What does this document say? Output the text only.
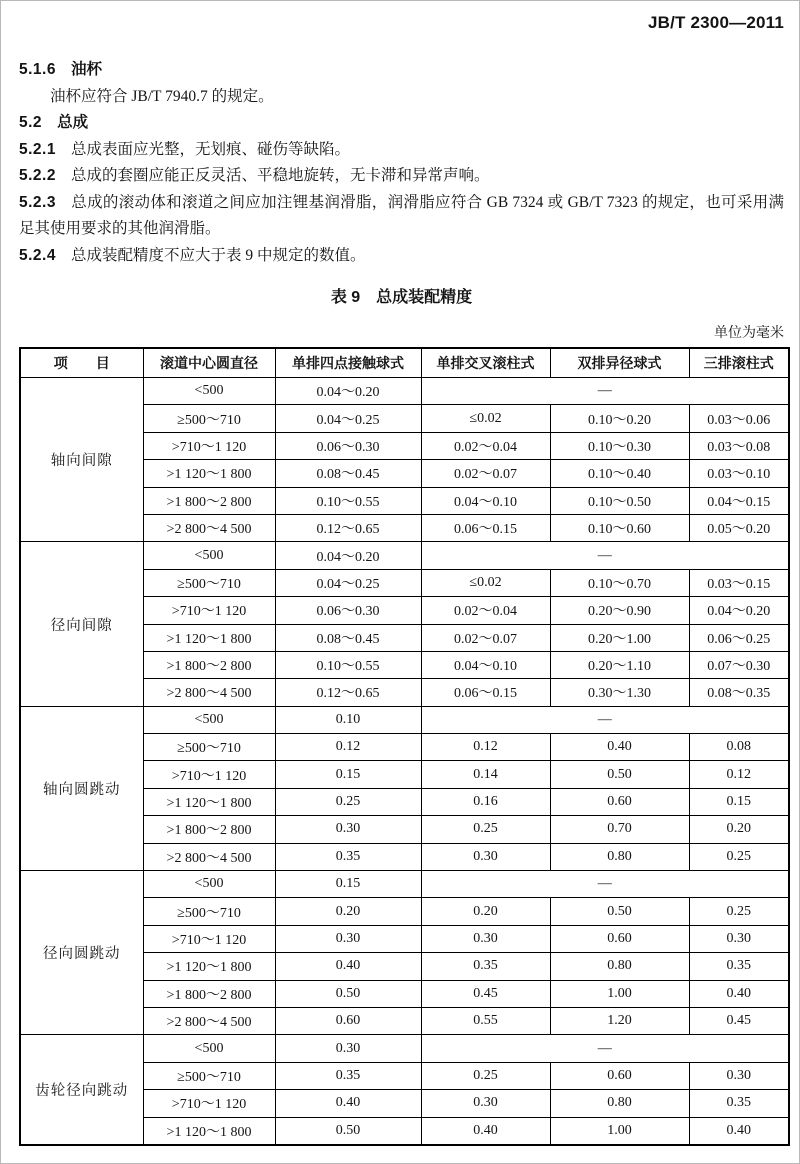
JB/T 2300—2011

5.1.6 油杯

油杯应符合 JB/T 7940.7 的规定。

5.2 总成

5.2.1 总成表面应光整，无划痕、碰伤等缺陷。

5.2.2 总成的套圈应能正反灵活、平稳地旋转，无卡滞和异常声响。

5.2.3 总成的滚动体和滚道之间应加注锂基润滑脂，润滑脂应符合 GB 7324 或 GB/T 7323 的规定，也可采用满足其使用要求的其他润滑脂。

5.2.4 总成装配精度不应大于表 9 中规定的数值。

表 9　总成装配精度
单位为毫米
项　　目	滚道中心圆直径	单排四点接触球式	单排交叉滚柱式	双排异径球式	三排滚柱式
轴向间隙	<500	0.04～0.20	—		
	≥500～710	0.04～0.25	≤0.02	0.10～0.20	0.03～0.06
	>710～1 120	0.06～0.30	0.02～0.04	0.10～0.30	0.03～0.08
	>1 120～1 800	0.08～0.45	0.02～0.07	0.10～0.40	0.03～0.10
	>1 800～2 800	0.10～0.55	0.04～0.10	0.10～0.50	0.04～0.15
	>2 800～4 500	0.12～0.65	0.06～0.15	0.10～0.60	0.05～0.20
径向间隙	<500	0.04～0.20	—		
	≥500～710	0.04～0.25	≤0.02	0.10～0.70	0.03～0.15
	>710～1 120	0.06～0.30	0.02～0.04	0.20～0.90	0.04～0.20
	>1 120～1 800	0.08～0.45	0.02～0.07	0.20～1.00	0.06～0.25
	>1 800～2 800	0.10～0.55	0.04～0.10	0.20～1.10	0.07～0.30
	>2 800～4 500	0.12～0.65	0.06～0.15	0.30～1.30	0.08～0.35
轴向圆跳动	<500	0.10	—		
	≥500～710	0.12	0.12	0.40	0.08
	>710～1 120	0.15	0.14	0.50	0.12
	>1 120～1 800	0.25	0.16	0.60	0.15
	>1 800～2 800	0.30	0.25	0.70	0.20
	>2 800～4 500	0.35	0.30	0.80	0.25
径向圆跳动	<500	0.15	—		
	≥500～710	0.20	0.20	0.50	0.25
	>710～1 120	0.30	0.30	0.60	0.30
	>1 120～1 800	0.40	0.35	0.80	0.35
	>1 800～2 800	0.50	0.45	1.00	0.40
	>2 800～4 500	0.60	0.55	1.20	0.45
齿轮径向跳动	<500	0.30	—		
	≥500～710	0.35	0.25	0.60	0.30
	>710～1 120	0.40	0.30	0.80	0.35
	>1 120～1 800	0.50	0.40	1.00	0.40
